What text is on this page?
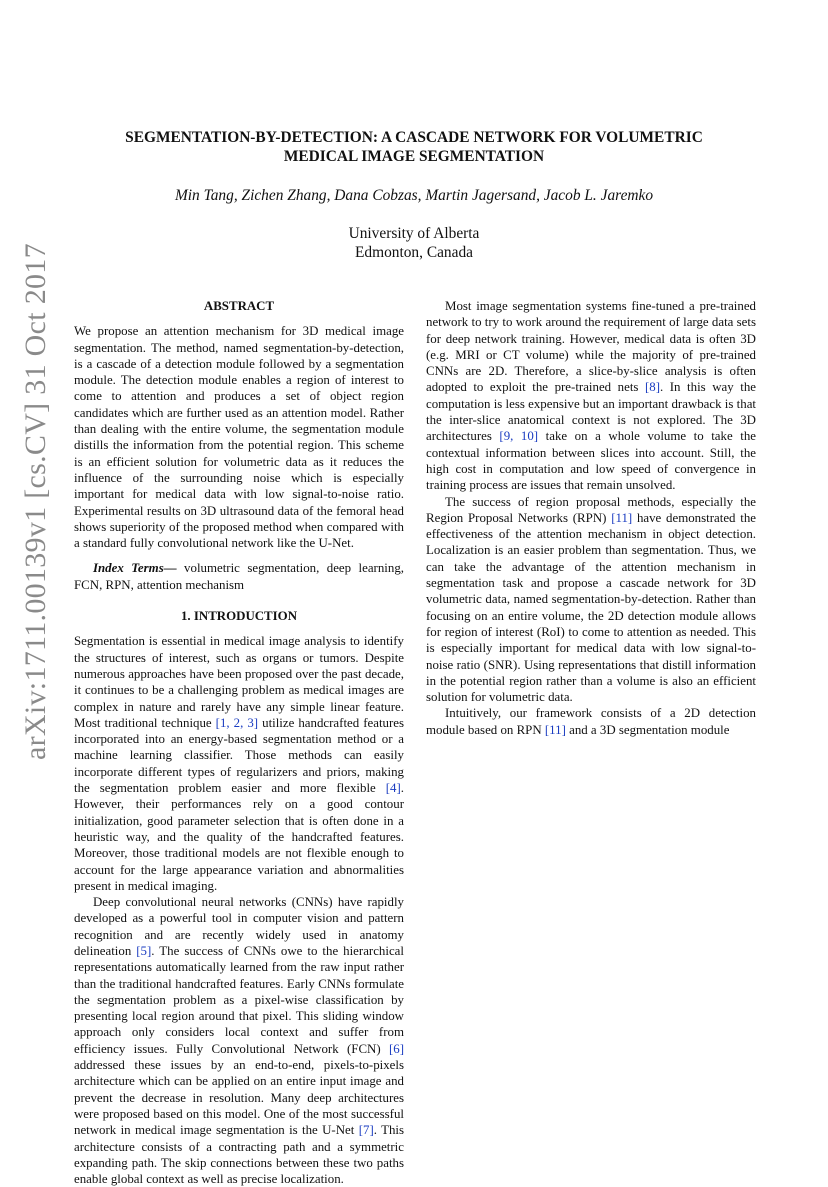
arXiv:1711.00139v1 [cs.CV] 31 Oct 2017
SEGMENTATION-BY-DETECTION: A CASCADE NETWORK FOR VOLUMETRIC MEDICAL IMAGE SEGMENTATION
Min Tang, Zichen Zhang, Dana Cobzas, Martin Jagersand, Jacob L. Jaremko
University of Alberta
Edmonton, Canada
ABSTRACT

We propose an attention mechanism for 3D medical image segmentation. The method, named segmentation-by-detection, is a cascade of a detection module followed by a segmentation module. The detection module enables a region of interest to come to attention and produces a set of object region candidates which are further used as an attention model. Rather than dealing with the entire volume, the segmentation module distills the information from the potential region. This scheme is an efficient solution for volumetric data as it reduces the influence of the surrounding noise which is especially important for medical data with low signal-to-noise ratio. Experimental results on 3D ultrasound data of the femoral head shows superiority of the proposed method when compared with a standard fully convolutional network like the U-Net.

Index Terms— volumetric segmentation, deep learning, FCN, RPN, attention mechanism

1. INTRODUCTION

Segmentation is essential in medical image analysis to identify the structures of interest, such as organs or tumors. Despite numerous approaches have been proposed over the past decade, it continues to be a challenging problem as medical images are complex in nature and rarely have any simple linear feature. Most traditional technique [1, 2, 3] utilize handcrafted features incorporated into an energy-based segmentation method or a machine learning classifier. Those methods can easily incorporate different types of regularizers and priors, making the segmentation problem easier and more flexible [4]. However, their performances rely on a good contour initialization, good parameter selection that is often done in a heuristic way, and the quality of the handcrafted features. Moreover, those traditional models are not flexible enough to account for the large appearance variation and abnormalities present in medical imaging.

Deep convolutional neural networks (CNNs) have rapidly developed as a powerful tool in computer vision and pattern recognition and are recently widely used in anatomy delineation [5]. The success of CNNs owe to the hierarchical representations automatically learned from the raw input rather than the traditional handcrafted features. Early CNNs formulate the segmentation problem as a pixel-wise classification by presenting local region around that pixel. This sliding window approach only considers local context and suffer from efficiency issues. Fully Convolutional Network (FCN) [6] addressed these issues by an end-to-end, pixels-to-pixels architecture which can be applied on an entire input image and prevent the decrease in resolution. Many deep architectures were proposed based on this model. One of the most successful network in medical image segmentation is the U-Net [7]. This architecture consists of a contracting path and a symmetric expanding path. The skip connections between these two paths enable global context as well as precise localization.

Most image segmentation systems fine-tuned a pre-trained network to try to work around the requirement of large data sets for deep network training. However, medical data is often 3D (e.g. MRI or CT volume) while the majority of pre-trained CNNs are 2D. Therefore, a slice-by-slice analysis is often adopted to exploit the pre-trained nets [8]. In this way the computation is less expensive but an important drawback is that the inter-slice anatomical context is not explored. The 3D architectures [9, 10] take on a whole volume to take the contextual information between slices into account. Still, the high cost in computation and low speed of convergence in training process are issues that remain unsolved.

The success of region proposal methods, especially the Region Proposal Networks (RPN) [11] have demonstrated the effectiveness of the attention mechanism in object detection. Localization is an easier problem than segmentation. Thus, we can take the advantage of the attention mechanism in segmentation task and propose a cascade network for 3D volumetric data, named segmentation-by-detection. Rather than focusing on an entire volume, the 2D detection module allows for region of interest (RoI) to come to attention as needed. This is especially important for medical data with low signal-to-noise ratio (SNR). Using representations that distill information in the potential region rather than a volume is also an efficient solution for volumetric data.

Intuitively, our framework consists of a 2D detection module based on RPN [11] and a 3D segmentation module
